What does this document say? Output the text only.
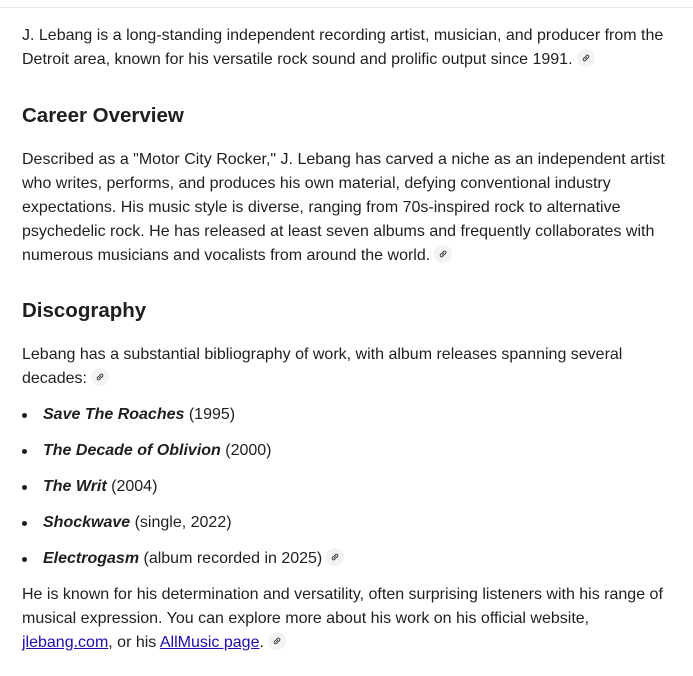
J. Lebang is a long-standing independent recording artist, musician, and producer from the Detroit area, known for his versatile rock sound and prolific output since 1991.

Career Overview

Described as a "Motor City Rocker," J. Lebang has carved a niche as an independent artist who writes, performs, and produces his own material, defying conventional industry expectations. His music style is diverse, ranging from 70s-inspired rock to alternative psychedelic rock. He has released at least seven albums and frequently collaborates with numerous musicians and vocalists from around the world.

Discography

Lebang has a substantial bibliography of work, with album releases spanning several decades:

Save The Roaches (1995)
The Decade of Oblivion (2000)
The Writ (2004)
Shockwave (single, 2022)
Electrogasm (album recorded in 2025)

He is known for his determination and versatility, often surprising listeners with his range of musical expression. You can explore more about his work on his official website, jlebang.com, or his AllMusic page.
